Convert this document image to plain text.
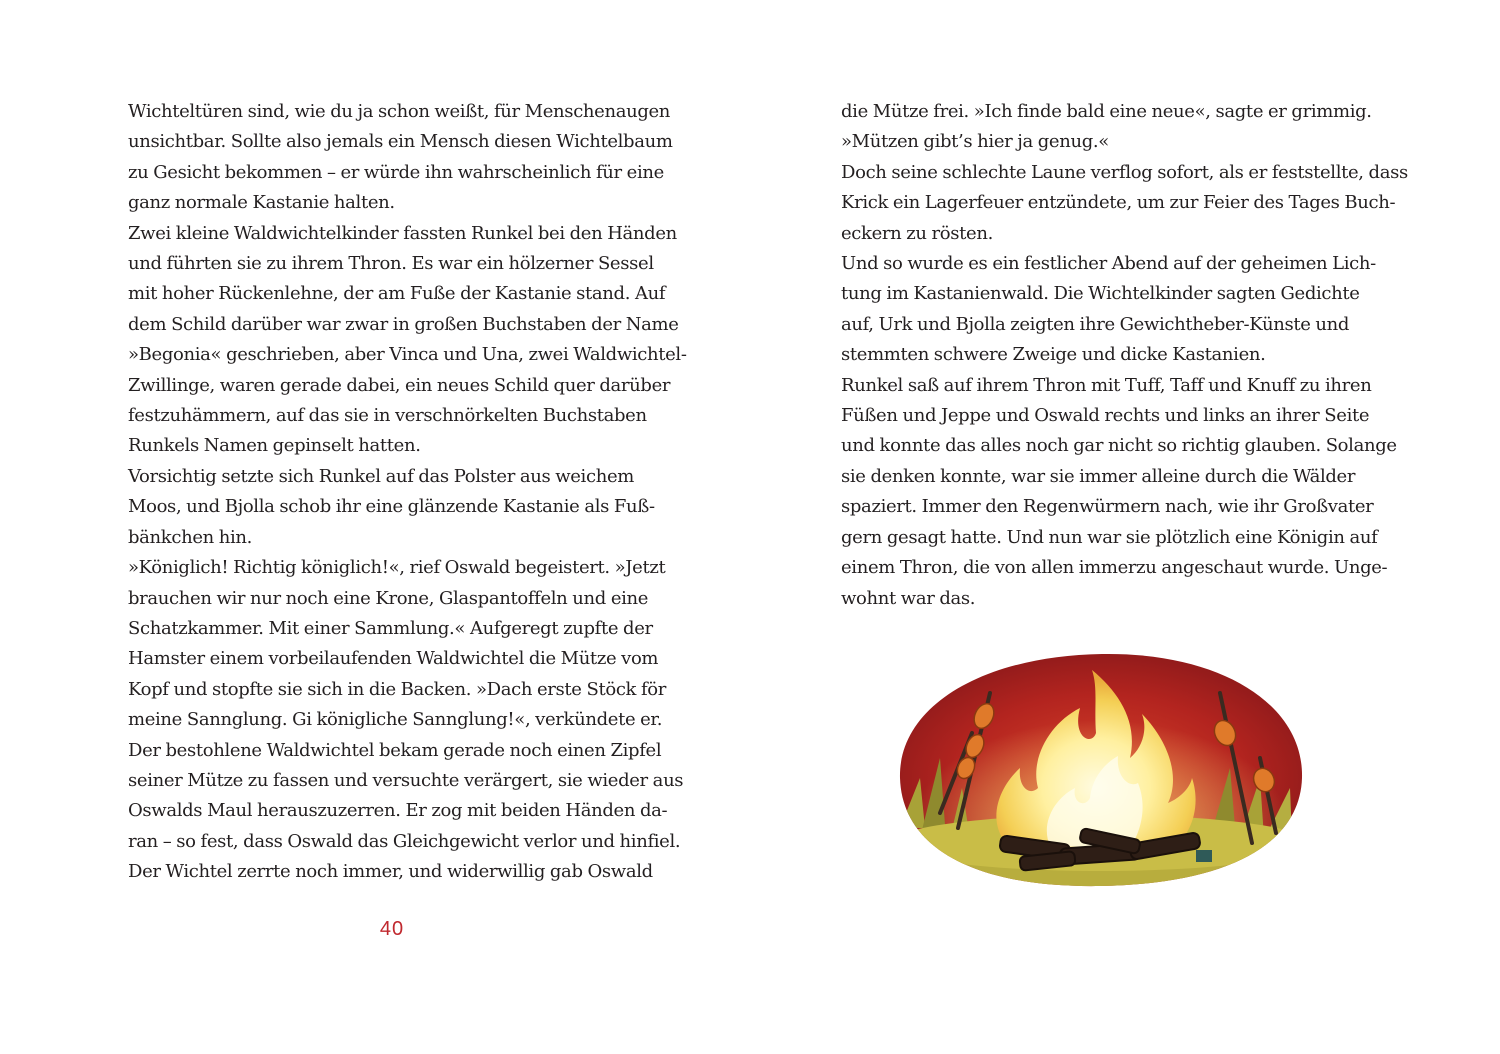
Wichteltüren sind, wie du ja schon weißt, für Menschenaugen
unsichtbar. Sollte also jemals ein Mensch diesen Wichtelbaum
zu Gesicht bekommen – er würde ihn wahrscheinlich für eine
ganz normale Kastanie halten.
Zwei kleine Waldwichtelkinder fassten Runkel bei den Händen
und führten sie zu ihrem Thron. Es war ein hölzerner Sessel
mit hoher Rückenlehne, der am Fuße der Kastanie stand. Auf
dem Schild darüber war zwar in großen Buchstaben der Name
»Begonia« geschrieben, aber Vinca und Una, zwei Waldwichtel-
Zwillinge, waren gerade dabei, ein neues Schild quer darüber
festzuhämmern, auf das sie in verschnörkelten Buchstaben
Runkels Namen gepinselt hatten.
Vorsichtig setzte sich Runkel auf das Polster aus weichem
Moos, und Bjolla schob ihr eine glänzende Kastanie als Fuß-
bänkchen hin.
»Königlich! Richtig königlich!«, rief Oswald begeistert. »Jetzt
brauchen wir nur noch eine Krone, Glaspantoffeln und eine
Schatzkammer. Mit einer Sammlung.« Aufgeregt zupfte der
Hamster einem vorbeilaufenden Waldwichtel die Mütze vom
Kopf und stopfte sie sich in die Backen. »Dach erste Stöck för
meine Sannglung. Gi königliche Sannglung!«, verkündete er.
Der bestohlene Waldwichtel bekam gerade noch einen Zipfel
seiner Mütze zu fassen und versuchte verärgert, sie wieder aus
Oswalds Maul herauszuzerren. Er zog mit beiden Händen da-
ran – so fest, dass Oswald das Gleichgewicht verlor und hinfiel.
Der Wichtel zerrte noch immer, und widerwillig gab Oswald
40
die Mütze frei. »Ich finde bald eine neue«, sagte er grimmig.
»Mützen gibt’s hier ja genug.«
Doch seine schlechte Laune verflog sofort, als er feststellte, dass
Krick ein Lagerfeuer entzündete, um zur Feier des Tages Buch-
eckern zu rösten.
Und so wurde es ein festlicher Abend auf der geheimen Lich-
tung im Kastanienwald. Die Wichtelkinder sagten Gedichte
auf, Urk und Bjolla zeigten ihre Gewichtheber-Künste und
stemmten schwere Zweige und dicke Kastanien.
Runkel saß auf ihrem Thron mit Tuff, Taff und Knuff zu ihren
Füßen und Jeppe und Oswald rechts und links an ihrer Seite
und konnte das alles noch gar nicht so richtig glauben. Solange
sie denken konnte, war sie immer alleine durch die Wälder
spaziert. Immer den Regenwürmern nach, wie ihr Großvater
gern gesagt hatte. Und nun war sie plötzlich eine Königin auf
einem Thron, die von allen immerzu angeschaut wurde. Unge-
wohnt war das.
